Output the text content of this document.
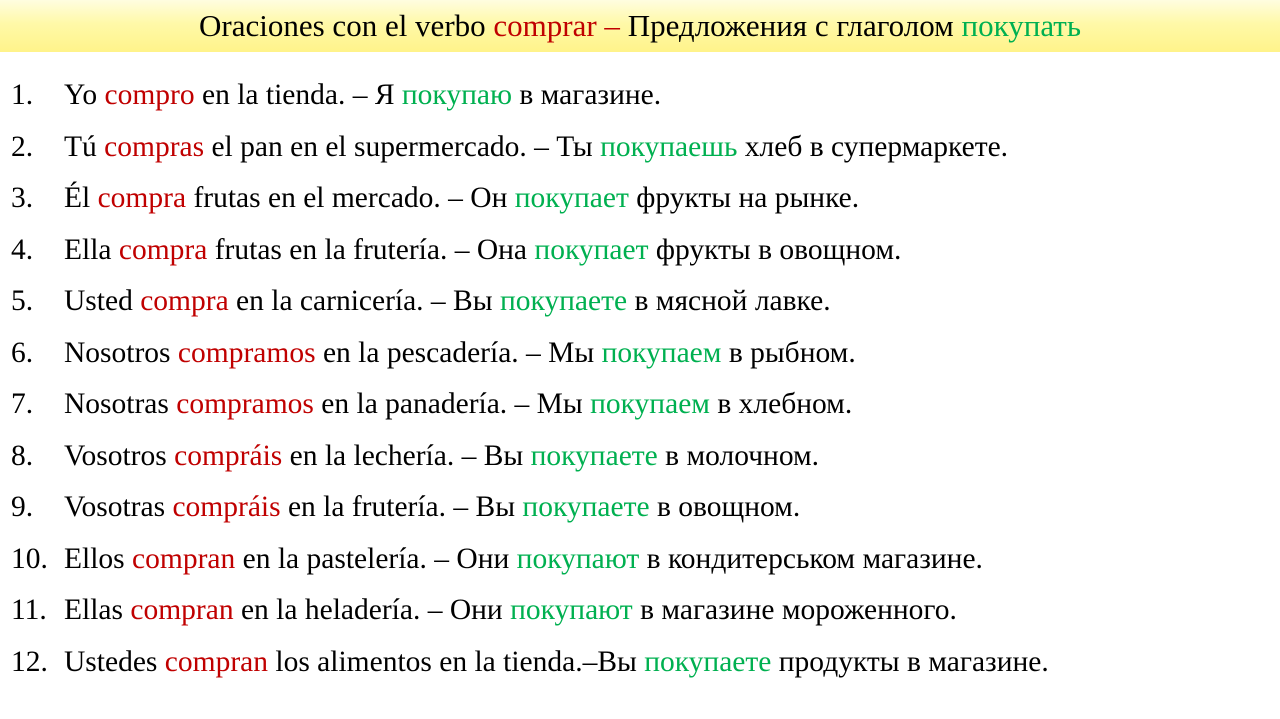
Oraciones con el verbo comprar – Предложения с глаголом покупать
1. Yo compro en la tienda. – Я покупаю в магазине.
2. Tú compras el pan en el supermercado. – Ты покупаешь хлеб в супермаркете.
3. Él compra frutas en el mercado. – Он покупает фрукты на рынке.
4. Ella compra frutas en la frutería. – Она покупает фрукты в овощном.
5. Usted compra en la carnicería. – Вы покупаете в мясной лавке.
6. Nosotros compramos en la pescadería. – Мы покупаем в рыбном.
7. Nosotras compramos en la panadería. – Мы покупаем в хлебном.
8. Vosotros compráis en la lechería. – Вы покупаете в молочном.
9. Vosotras compráis en la frutería. – Вы покупаете в овощном.
10. Ellos compran en la pastelería. – Они покупают в кондитерськом магазине.
11. Ellas compran en la heladería. – Они покупают в магазине мороженного.
12. Ustedes compran los alimentos en la tienda.–Вы покупаете продукты в магазине.
